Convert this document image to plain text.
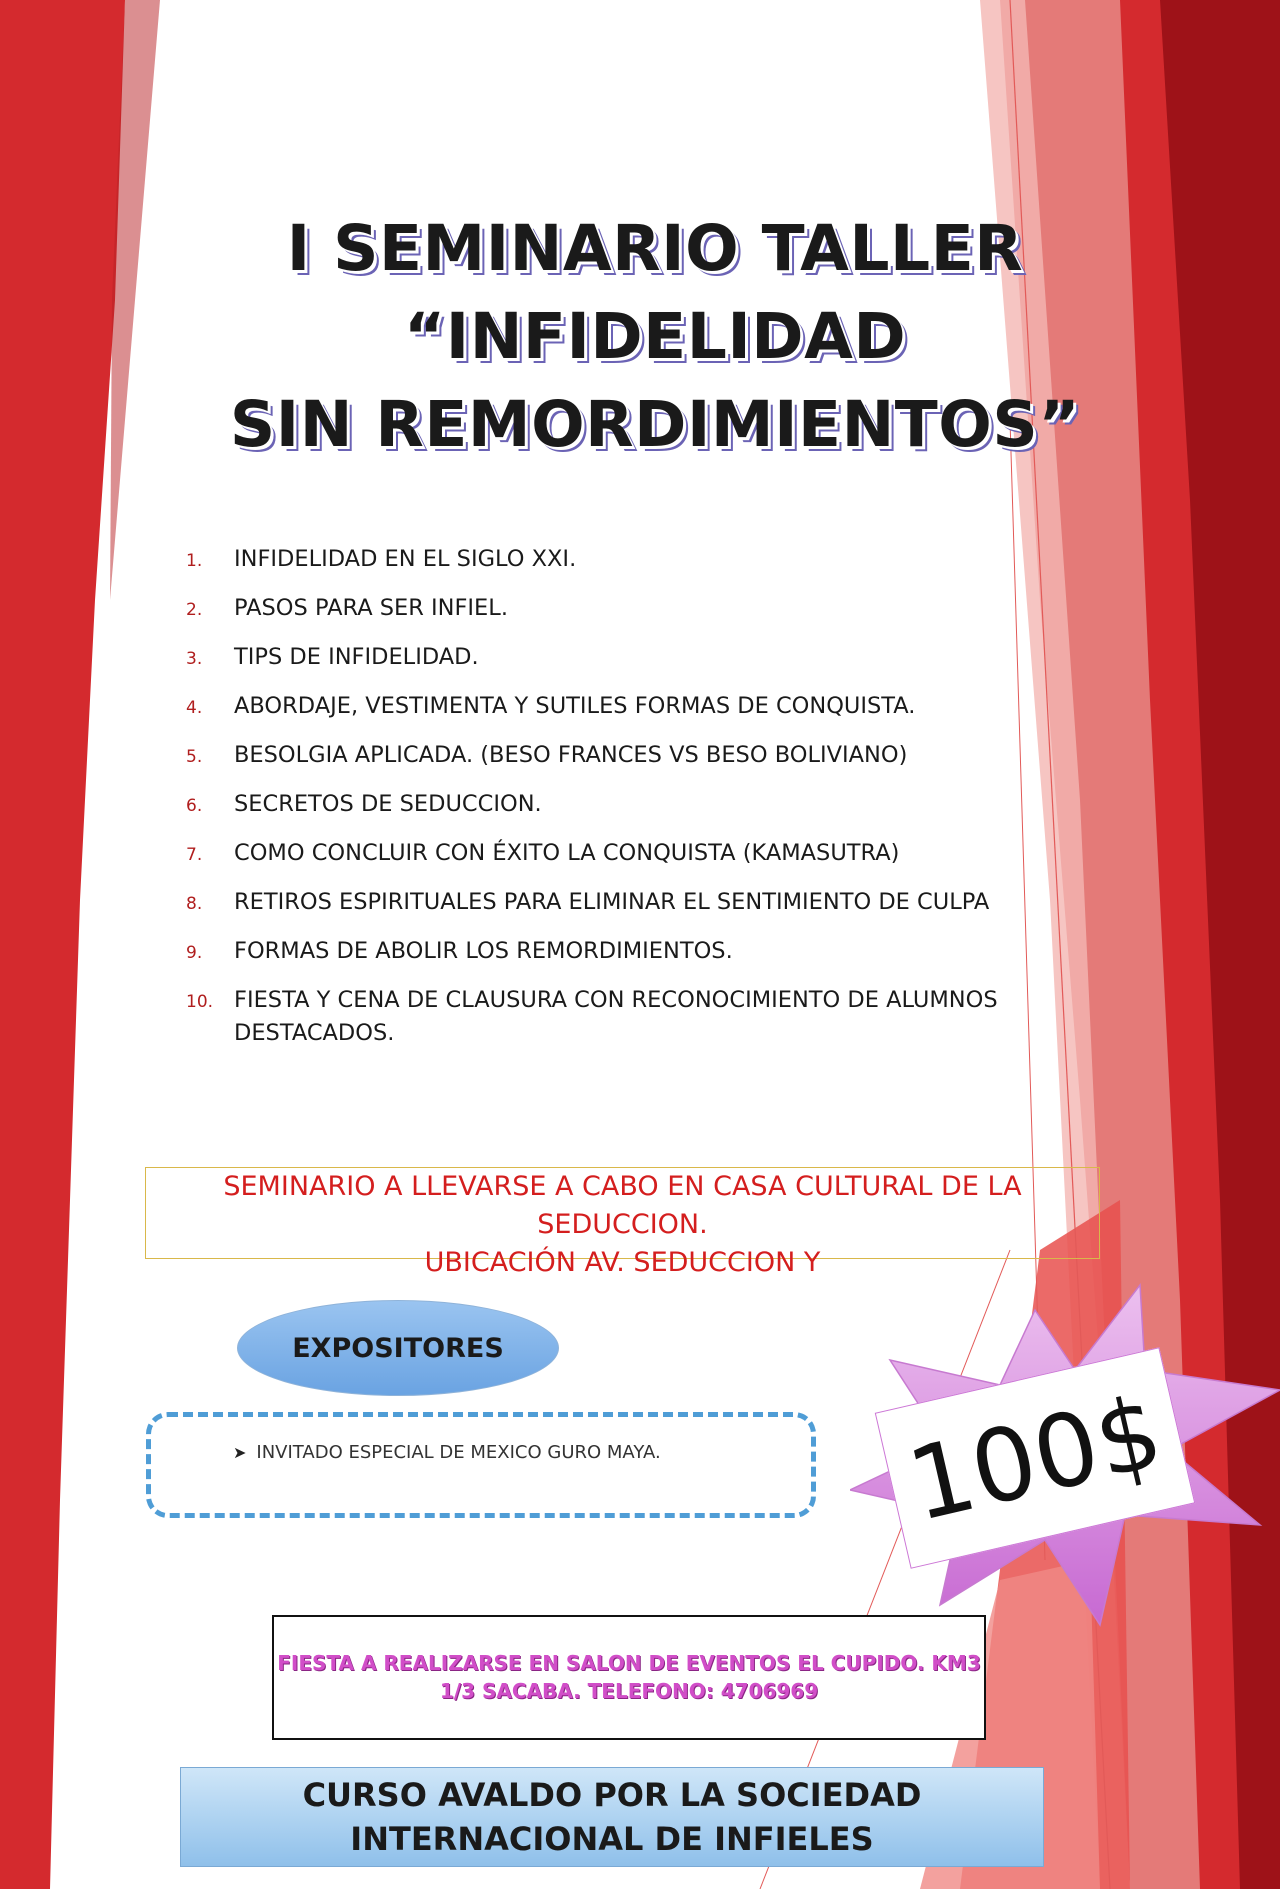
I SEMINARIO TALLER
“INFIDELIDAD
SIN REMORDIMIENTOS”
1. INFIDELIDAD EN EL SIGLO XXI.
2. PASOS PARA SER INFIEL.
3. TIPS DE INFIDELIDAD.
4. ABORDAJE, VESTIMENTA Y SUTILES FORMAS DE CONQUISTA.
5. BESOLGIA APLICADA. (BESO FRANCES VS BESO BOLIVIANO)
6. SECRETOS DE SEDUCCION.
7. COMO CONCLUIR CON ÉXITO LA CONQUISTA (KAMASUTRA)
8. RETIROS ESPIRITUALES PARA ELIMINAR EL SENTIMIENTO DE CULPA
9. FORMAS DE ABOLIR LOS REMORDIMIENTOS.
10. FIESTA Y CENA DE CLAUSURA CON RECONOCIMIENTO DE ALUMNOS DESTACADOS.
SEMINARIO A LLEVARSE A CABO EN CASA CULTURAL DE LA
SEDUCCION.
UBICACIÓN AV. SEDUCCION Y
EXPOSITORES
➤ INVITADO ESPECIAL DE MEXICO GURO MAYA. 100$
FIESTA A REALIZARSE EN SALON DE EVENTOS EL CUPIDO. KM3
1/3 SACABA. TELEFONO: 4706969
CURSO AVALDO POR LA SOCIEDAD
INTERNACIONAL DE INFIELES
